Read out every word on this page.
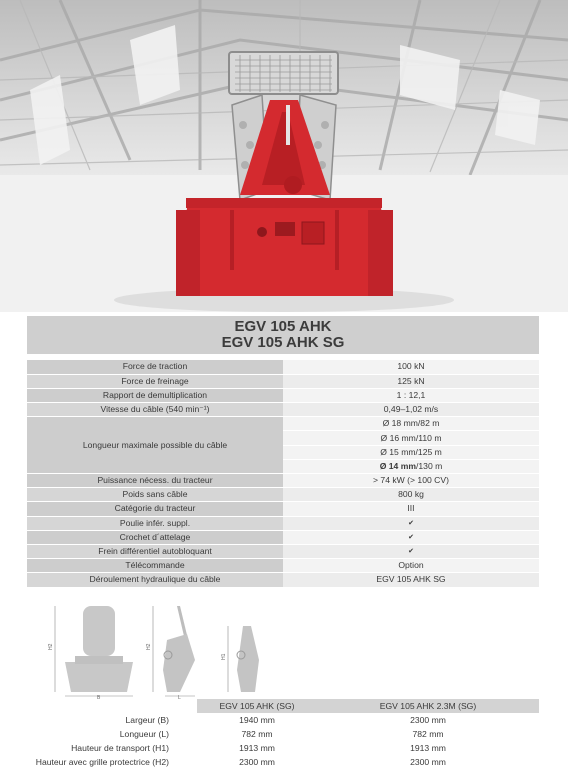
EGV 105 AHK
EGV 105 AHK SG
Force de traction	100 kN
Force de freinage	125 kN
Rapport de demultiplication	1 : 12,1
Vitesse du câble (540 min⁻¹)	0,49–1,02 m/s
Longueur maximale possible du câble	Ø 18 mm/82 m
	Ø 16 mm/110 m
	Ø 15 mm/125 m
	Ø 14 mm/130 m
Puissance nécess. du tracteur	> 74 kW (> 100 CV)
Poids sans câble	800 kg
Catégorie du tracteur	III
Poulie infér. suppl.	✔
Crochet d´attelage	✔
Frein différentiel autobloquant	✔
Télécommande	Option
Déroulement hydraulique du câble	EGV 105 AHK SG
H2
B
H2
L
H1
	EGV 105 AHK (SG)	EGV 105 AHK 2.3M (SG)
Largeur (B)	1940 mm	2300 mm
Longueur (L)	782 mm	782 mm
Hauteur de transport (H1)	1913 mm	1913 mm
Hauteur avec grille protectrice (H2)	2300 mm	2300 mm
